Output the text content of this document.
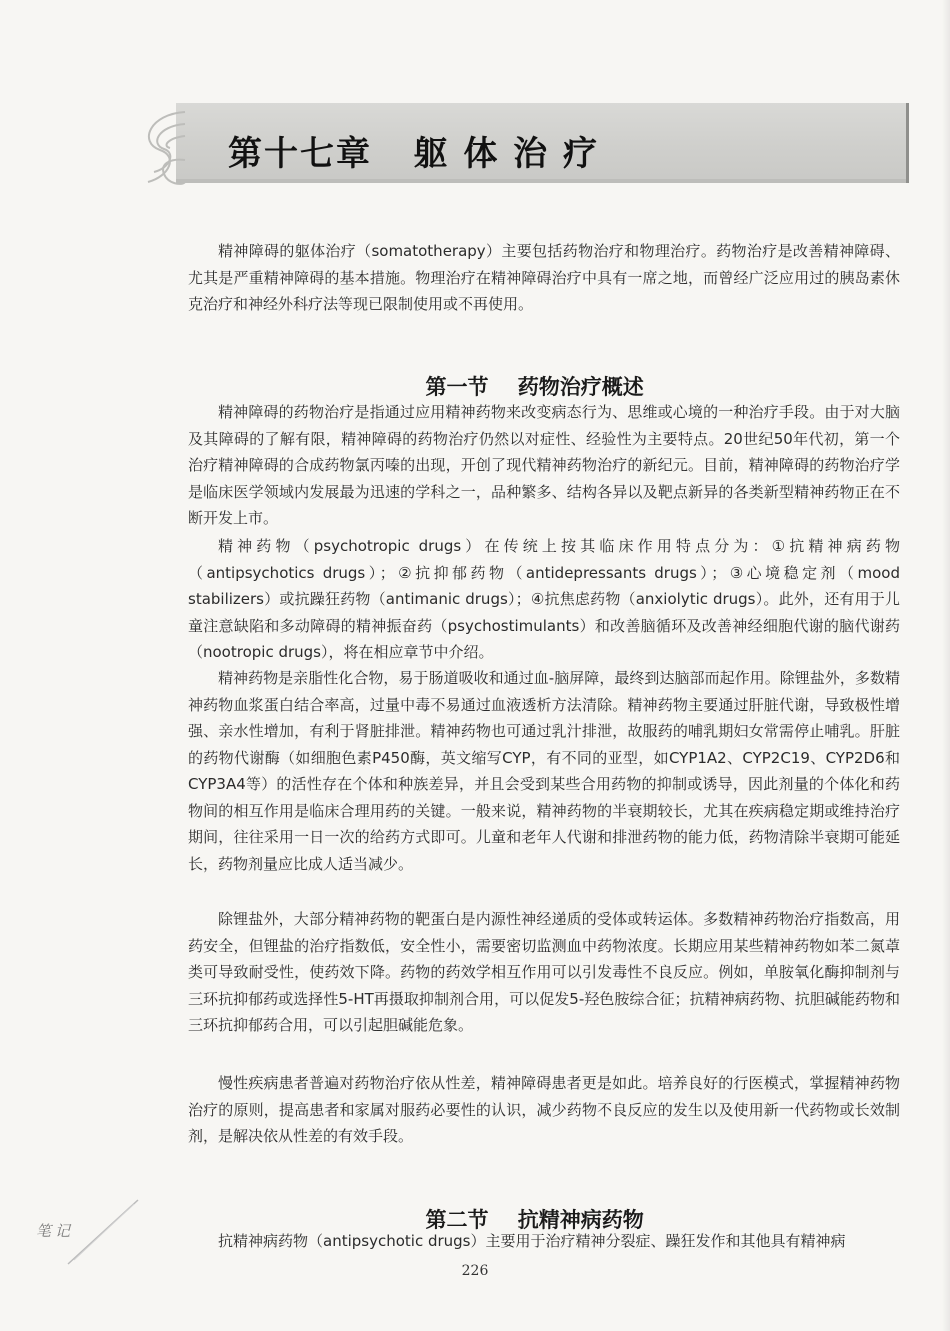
第十七章   躯 体 治 疗
精神障碍的躯体治疗（somatotherapy）主要包括药物治疗和物理治疗。药物治疗是改善精神障碍、尤其是严重精神障碍的基本措施。物理治疗在精神障碍治疗中具有一席之地，而曾经广泛应用过的胰岛素休克治疗和神经外科疗法等现已限制使用或不再使用。

第一节    药物治疗概述

精神障碍的药物治疗是指通过应用精神药物来改变病态行为、思维或心境的一种治疗手段。由于对大脑及其障碍的了解有限，精神障碍的药物治疗仍然以对症性、经验性为主要特点。20世纪50年代初，第一个治疗精神障碍的合成药物氯丙嗪的出现，开创了现代精神药物治疗的新纪元。目前，精神障碍的药物治疗学是临床医学领域内发展最为迅速的学科之一，品种繁多、结构各异以及靶点新异的各类新型精神药物正在不断开发上市。
精神药物（psychotropic drugs）在传统上按其临床作用特点分为：①抗精神病药物（antipsychotics drugs）；②抗抑郁药物（antidepressants drugs）；③心境稳定剂（mood stabilizers）或抗躁狂药物（antimanic drugs）；④抗焦虑药物（anxiolytic drugs）。此外，还有用于儿童注意缺陷和多动障碍的精神振奋药（psychostimulants）和改善脑循环及改善神经细胞代谢的脑代谢药（nootropic drugs），将在相应章节中介绍。
精神药物是亲脂性化合物，易于肠道吸收和通过血-脑屏障，最终到达脑部而起作用。除锂盐外，多数精神药物血浆蛋白结合率高，过量中毒不易通过血液透析方法清除。精神药物主要通过肝脏代谢，导致极性增强、亲水性增加，有利于肾脏排泄。精神药物也可通过乳汁排泄，故服药的哺乳期妇女常需停止哺乳。肝脏的药物代谢酶（如细胞色素P450酶，英文缩写CYP，有不同的亚型，如CYP1A2、CYP2C19、CYP2D6和CYP3A4等）的活性存在个体和种族差异，并且会受到某些合用药物的抑制或诱导，因此剂量的个体化和药物间的相互作用是临床合理用药的关键。一般来说，精神药物的半衰期较长，尤其在疾病稳定期或维持治疗期间，往往采用一日一次的给药方式即可。儿童和老年人代谢和排泄药物的能力低，药物清除半衰期可能延长，药物剂量应比成人适当减少。
除锂盐外，大部分精神药物的靶蛋白是内源性神经递质的受体或转运体。多数精神药物治疗指数高，用药安全，但锂盐的治疗指数低，安全性小，需要密切监测血中药物浓度。长期应用某些精神药物如苯二氮䓬类可导致耐受性，使药效下降。药物的药效学相互作用可以引发毒性不良反应。例如，单胺氧化酶抑制剂与三环抗抑郁药或选择性5-HT再摄取抑制剂合用，可以促发5-羟色胺综合征；抗精神病药物、抗胆碱能药物和三环抗抑郁药合用，可以引起胆碱能危象。
慢性疾病患者普遍对药物治疗依从性差，精神障碍患者更是如此。培养良好的行医模式，掌握精神药物治疗的原则，提高患者和家属对服药必要性的认识，减少药物不良反应的发生以及使用新一代药物或长效制剂，是解决依从性差的有效手段。

第二节    抗精神病药物

抗精神病药物（antipsychotic drugs）主要用于治疗精神分裂症、躁狂发作和其他具有精神病
笔记
226
